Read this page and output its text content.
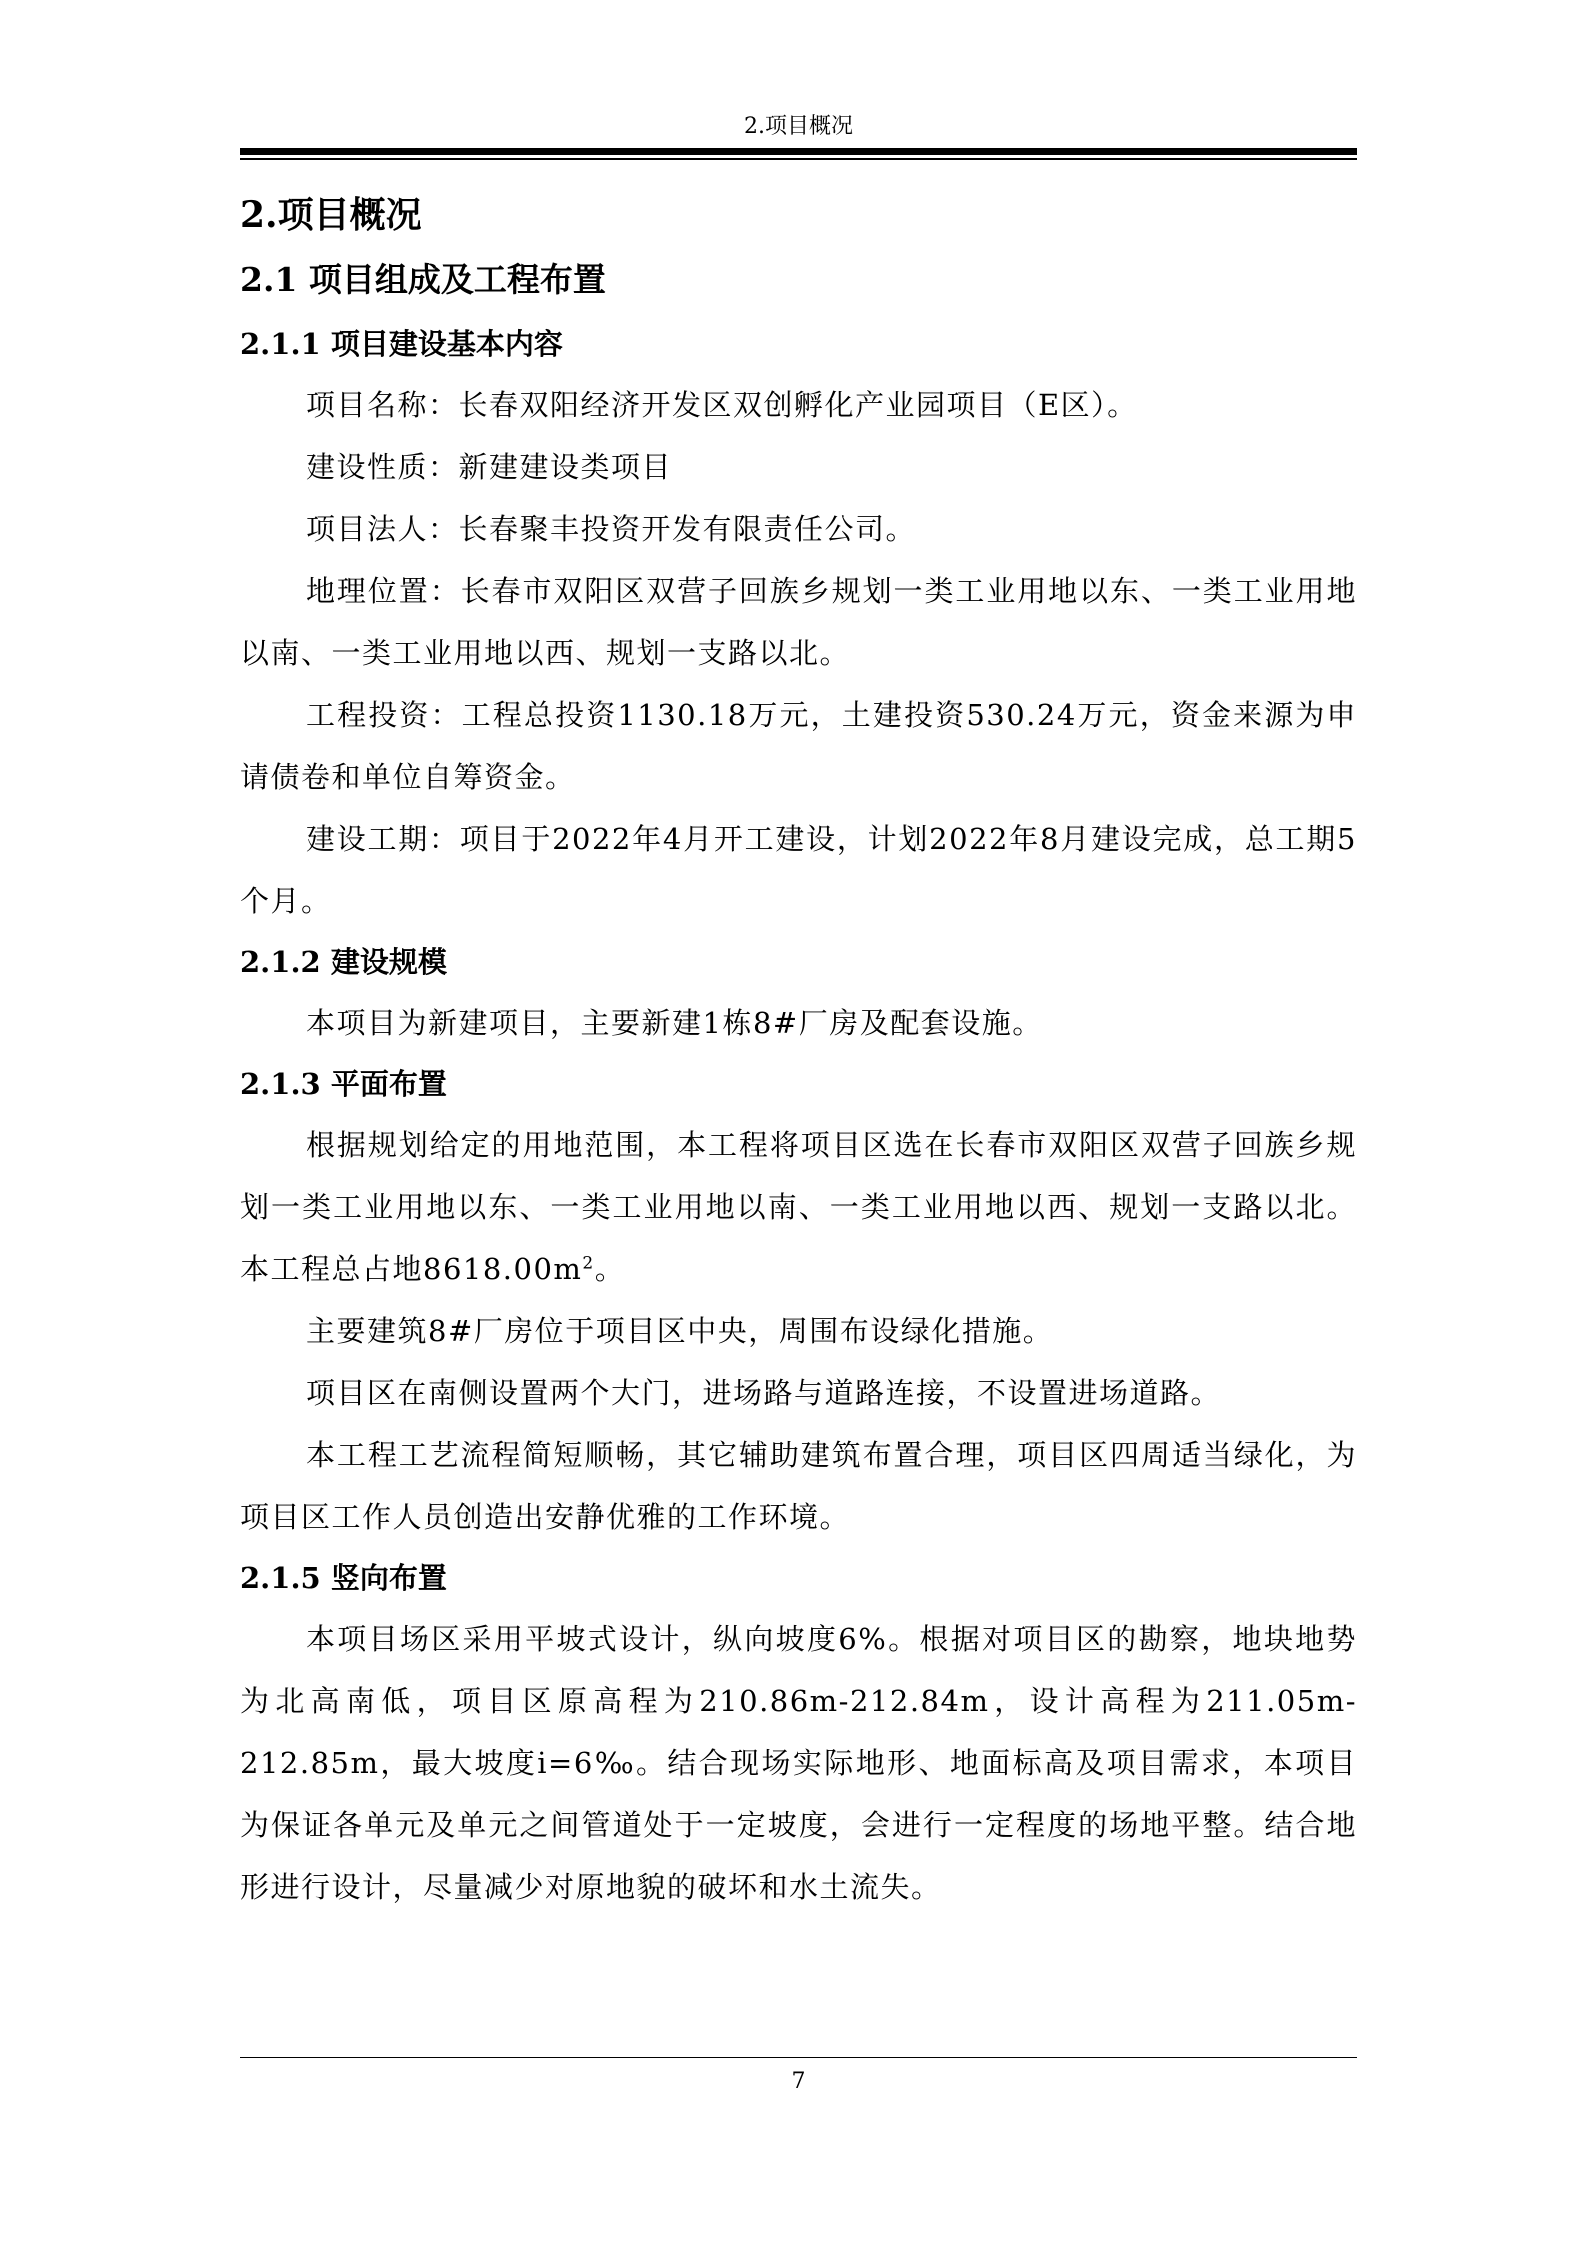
2.项目概况
2.项目概况
2.1 项目组成及工程布置
2.1.1 项目建设基本内容

项目名称：长春双阳经济开发区双创孵化产业园项目（E区）。

建设性质：新建建设类项目

项目法人：长春聚丰投资开发有限责任公司。

地理位置：长春市双阳区双营子回族乡规划一类工业用地以东、一类工业用地以南、一类工业用地以西、规划一支路以北。

工程投资：工程总投资1130.18万元，土建投资530.24万元，资金来源为申请债卷和单位自筹资金。

建设工期：项目于2022年4月开工建设，计划2022年8月建设完成，总工期5个月。

2.1.2 建设规模

本项目为新建项目，主要新建1栋8#厂房及配套设施。

2.1.3 平面布置

根据规划给定的用地范围，本工程将项目区选在长春市双阳区双营子回族乡规划一类工业用地以东、一类工业用地以南、一类工业用地以西、规划一支路以北。本工程总占地$8618.00m^2$。

主要建筑8#厂房位于项目区中央，周围布设绿化措施。

项目区在南侧设置两个大门，进场路与道路连接，不设置进场道路。

本工程工艺流程简短顺畅，其它辅助建筑布置合理，项目区四周适当绿化，为项目区工作人员创造出安静优雅的工作环境。

2.1.5 竖向布置

本项目场区采用平坡式设计，纵向坡度6%。根据对项目区的勘察，地块地势为北高南低，项目区原高程为210.86m-212.84m，设计高程为211.05m-212.85m，最大坡度i=6‰。结合现场实际地形、地面标高及项目需求，本项目为保证各单元及单元之间管道处于一定坡度，会进行一定程度的场地平整。结合地形进行设计，尽量减少对原地貌的破坏和水土流失。

7
